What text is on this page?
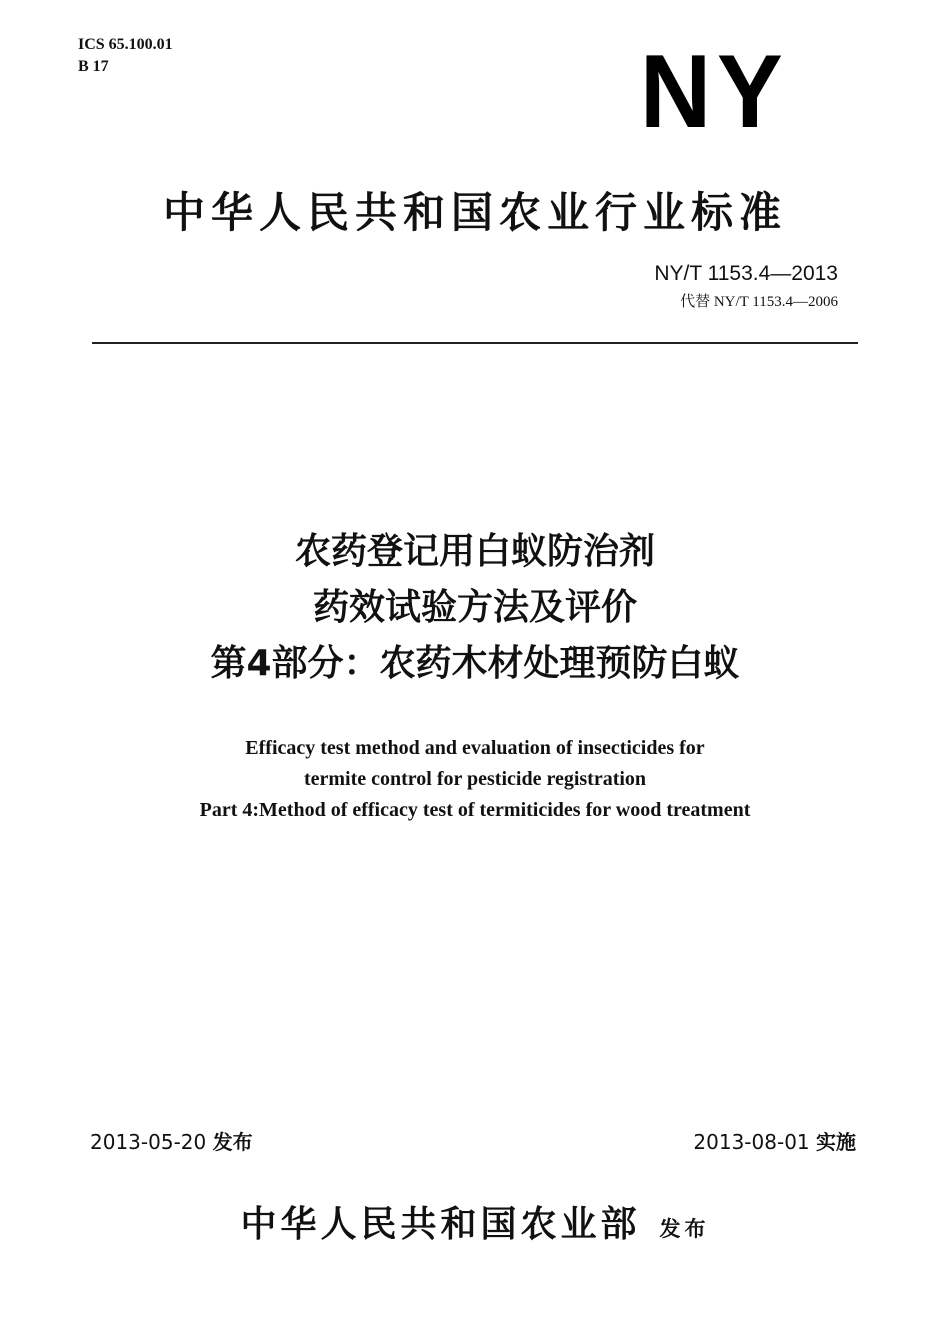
ICS 65.100.01
B 17	NY
中华人民共和国农业行业标准
NY/T 1153.4—2013
代替 NY/T 1153.4—2006
农药登记用白蚁防治剂
药效试验方法及评价
第4部分：农药木材处理预防白蚁
Efficacy test method and evaluation of insecticides for
termite control for pesticide registration
Part 4:Method of efficacy test of termiticides for wood treatment
2013-05-20 发布	2013-08-01 实施
中华人民共和国农业部 发布
